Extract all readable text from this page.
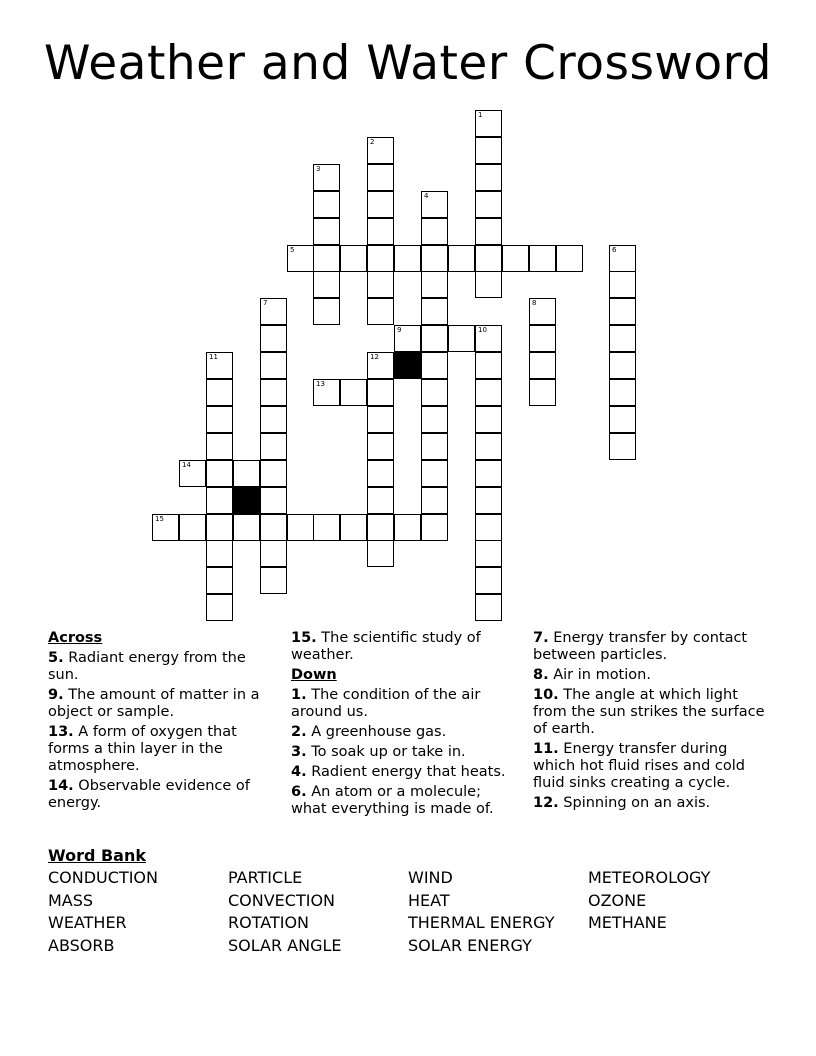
Weather and Water Crossword
1
2
3
4
5	6
7	8
9	10
11	12
13
14
15

Across

5. Radiant energy from the sun.

9. The amount of matter in a object or sample.

13. A form of oxygen that forms a thin layer in the atmosphere.

14. Observable evidence of energy.

15. The scientific study of weather.

Down

1. The condition of the air around us.

2. A greenhouse gas.

3. To soak up or take in.

4. Radient energy that heats.

6. An atom or a molecule; what everything is made of.

7. Energy transfer by contact between particles.

8. Air in motion.

10. The angle at which light from the sun strikes the surface of earth.

11. Energy transfer during which hot fluid rises and cold fluid sinks creating a cycle.

12. Spinning on an axis.

Word Bank

CONDUCTION	PARTICLE	WIND	METEOROLOGY
MASS	CONVECTION	HEAT	OZONE
WEATHER	ROTATION	THERMAL ENERGY	METHANE
ABSORB	SOLAR ANGLE	SOLAR ENERGY
